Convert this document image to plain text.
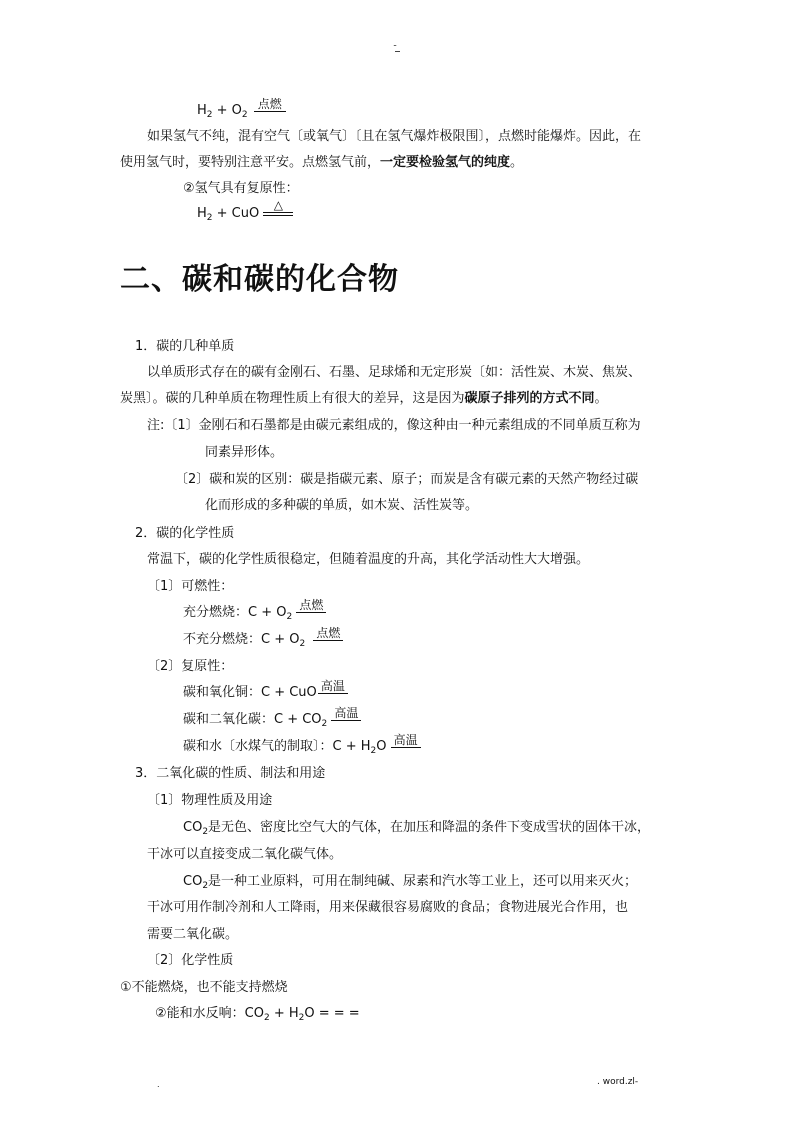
..
$H_2 + O_2$
点燃
如果氢气不纯，混有空气〔或氧气〕〔且在氢气爆炸极限围〕，点燃时能爆炸。因此，在
使用氢气时，要特别注意平安。点燃氢气前，一定要检验氢气的纯度。
②氢气具有复原性：
$H_2$ + CuO
△
二、碳和碳的化合物
1．碳的几种单质
以单质形式存在的碳有金刚石、石墨、足球烯和无定形炭〔如：活性炭、木炭、焦炭、
炭黑〕。碳的几种单质在物理性质上有很大的差异，这是因为碳原子排列的方式不同。
注:〔1〕金刚石和石墨都是由碳元素组成的，像这种由一种元素组成的不同单质互称为
同素异形体。
〔2〕碳和炭的区别：碳是指碳元素、原子；而炭是含有碳元素的天然产物经过碳
化而形成的多种碳的单质，如木炭、活性炭等。
2．碳的化学性质
常温下，碳的化学性质很稳定，但随着温度的升高，其化学活动性大大增强。
〔1〕可燃性：
充分燃烧：$C + O_2$
点燃
不充分燃烧：$C + O_2$
点燃
〔2〕复原性：
碳和氧化铜：C + CuO 高温
碳和二氧化碳：$C + CO_2$
高温
碳和水〔水煤气的制取〕：$C + H_2O$ 高温
3．二氧化碳的性质、制法和用途
〔1〕物理性质及用途
$CO_2$是无色、密度比空气大的气体，在加压和降温的条件下变成雪状的固体干冰，
干冰可以直接变成二氧化碳气体。
$CO_2$是一种工业原料，可用在制纯碱、尿素和汽水等工业上，还可以用来灭火；
干冰可用作制冷剂和人工降雨，用来保藏很容易腐败的食品；食物进展光合作用，也
需要二氧化碳。
〔2〕化学性质
①不能燃烧，也不能支持燃烧
②能和水反响：$CO_2 + H_2O$ = = =
.	. word.zl-
